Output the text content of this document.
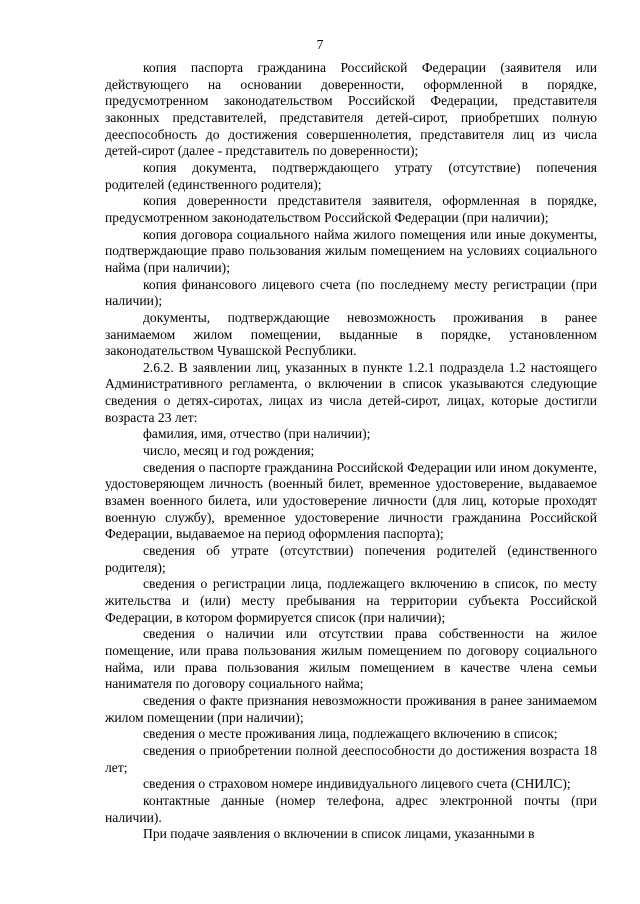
7

копия паспорта гражданина Российской Федерации (заявителя или действующего на основании доверенности, оформленной в порядке, предусмотренном законодательством Российской Федерации, представителя законных представителей, представителя детей-сирот, приобретших полную дееспособность до достижения совершеннолетия, представителя лиц из числа детей-сирот (далее - представитель по доверенности);

копия документа, подтверждающего утрату (отсутствие) попечения родителей (единственного родителя);

копия доверенности представителя заявителя, оформленная в порядке, предусмотренном законодательством Российской Федерации (при наличии);

копия договора социального найма жилого помещения или иные документы, подтверждающие право пользования жилым помещением на условиях социального найма (при наличии);

копия финансового лицевого счета (по последнему месту регистрации (при наличии);

документы, подтверждающие невозможность проживания в ранее занимаемом жилом помещении, выданные в порядке, установленном законодательством Чувашской Республики.

2.6.2. В заявлении лиц, указанных в пункте 1.2.1 подраздела 1.2 настоящего Административного регламента, о включении в список указываются следующие сведения о детях-сиротах, лицах из числа детей-сирот, лицах, которые достигли возраста 23 лет:

фамилия, имя, отчество (при наличии);

число, месяц и год рождения;

сведения о паспорте гражданина Российской Федерации или ином документе, удостоверяющем личность (военный билет, временное удостоверение, выдаваемое взамен военного билета, или удостоверение личности (для лиц, которые проходят военную службу), временное удостоверение личности гражданина Российской Федерации, выдаваемое на период оформления паспорта);

сведения об утрате (отсутствии) попечения родителей (единственного родителя);

сведения о регистрации лица, подлежащего включению в список, по месту жительства и (или) месту пребывания на территории субъекта Российской Федерации, в котором формируется список (при наличии);

сведения о наличии или отсутствии права собственности на жилое помещение, или права пользования жилым помещением по договору социального найма, или права пользования жилым помещением в качестве члена семьи нанимателя по договору социального найма;

сведения о факте признания невозможности проживания в ранее занимаемом жилом помещении (при наличии);

сведения о месте проживания лица, подлежащего включению в список;

сведения о приобретении полной дееспособности до достижения возраста 18 лет;

сведения о страховом номере индивидуального лицевого счета (СНИЛС);

контактные данные (номер телефона, адрес электронной почты (при наличии).

При подаче заявления о включении в список лицами, указанными в
